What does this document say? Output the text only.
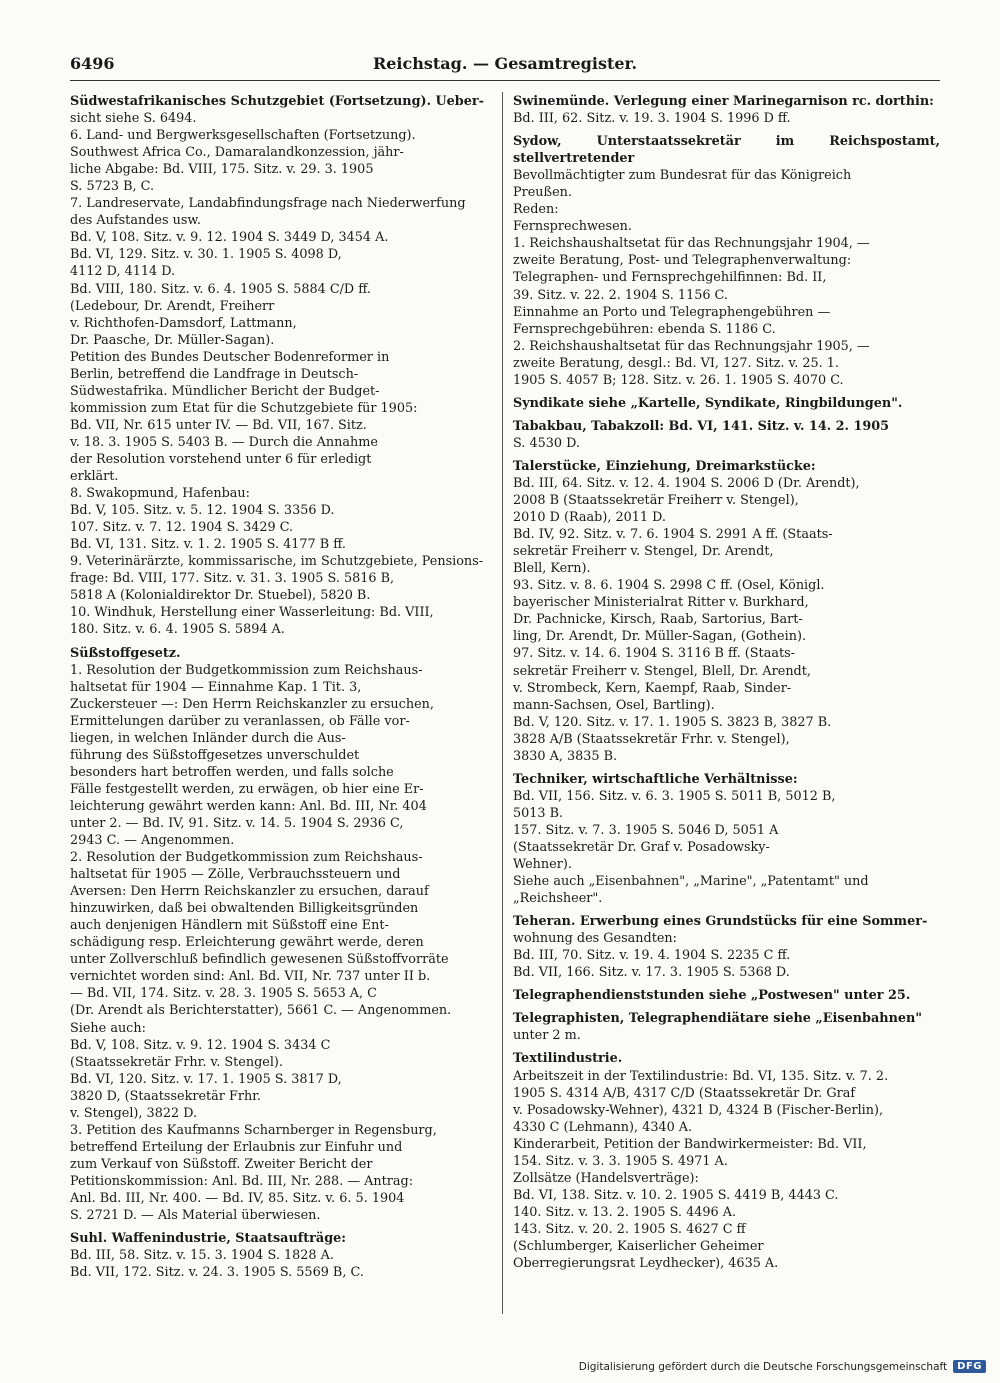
6496	Reichstag. — Gesamtregister.
Südwestafrikanisches Schutzgebiet (Fortsetzung). Ueber-
sicht siehe S. 6494.
6. Land- und Bergwerksgesellschaften (Fortsetzung).
Southwest Africa Co., Damaralandkonzession, jähr-
liche Abgabe: Bd. VIII, 175. Sitz. v. 29. 3. 1905
S. 5723 B, C.
7. Landreservate, Landabfindungsfrage nach Niederwerfung
des Aufstandes usw.
Bd. V, 108. Sitz. v. 9. 12. 1904 S. 3449 D, 3454 A.
Bd. VI, 129. Sitz. v. 30. 1. 1905 S. 4098 D,
4112 D, 4114 D.
Bd. VIII, 180. Sitz. v. 6. 4. 1905 S. 5884 C/D ff.
(Ledebour, Dr. Arendt, Freiherr
v. Richthofen-Damsdorf, Lattmann,
Dr. Paasche, Dr. Müller-Sagan).
Petition des Bundes Deutscher Bodenreformer in
Berlin, betreffend die Landfrage in Deutsch-
Südwestafrika. Mündlicher Bericht der Budget-
kommission zum Etat für die Schutzgebiete für 1905:
Bd. VII, Nr. 615 unter IV. — Bd. VII, 167. Sitz.
v. 18. 3. 1905 S. 5403 B. — Durch die Annahme
der Resolution vorstehend unter 6 für erledigt
erklärt.
8. Swakopmund, Hafenbau:
Bd. V, 105. Sitz. v. 5. 12. 1904 S. 3356 D.
107. Sitz. v. 7. 12. 1904 S. 3429 C.
Bd. VI, 131. Sitz. v. 1. 2. 1905 S. 4177 B ff.
9. Veterinärärzte, kommissarische, im Schutzgebiete, Pensions-
frage: Bd. VIII, 177. Sitz. v. 31. 3. 1905 S. 5816 B,
5818 A (Kolonialdirektor Dr. Stuebel), 5820 B.
10. Windhuk, Herstellung einer Wasserleitung: Bd. VIII,
180. Sitz. v. 6. 4. 1905 S. 5894 A.
Süßstoffgesetz.
1. Resolution der Budgetkommission zum Reichshaus-
haltsetat für 1904 — Einnahme Kap. 1 Tit. 3,
Zuckersteuer —: Den Herrn Reichskanzler zu ersuchen,
Ermittelungen darüber zu veranlassen, ob Fälle vor-
liegen, in welchen Inländer durch die Aus-
führung des Süßstoffgesetzes unverschuldet
besonders hart betroffen werden, und falls solche
Fälle festgestellt werden, zu erwägen, ob hier eine Er-
leichterung gewährt werden kann: Anl. Bd. III, Nr. 404
unter 2. — Bd. IV, 91. Sitz. v. 14. 5. 1904 S. 2936 C,
2943 C. — Angenommen.
2. Resolution der Budgetkommission zum Reichshaus-
haltsetat für 1905 — Zölle, Verbrauchssteuern und
Aversen: Den Herrn Reichskanzler zu ersuchen, darauf
hinzuwirken, daß bei obwaltenden Billigkeitsgründen
auch denjenigen Händlern mit Süßstoff eine Ent-
schädigung resp. Erleichterung gewährt werde, deren
unter Zollverschluß befindlich gewesenen Süßstoffvorräte
vernichtet worden sind: Anl. Bd. VII, Nr. 737 unter II b.
— Bd. VII, 174. Sitz. v. 28. 3. 1905 S. 5653 A, C
(Dr. Arendt als Berichterstatter), 5661 C. — Angenommen.
Siehe auch:
Bd. V, 108. Sitz. v. 9. 12. 1904 S. 3434 C
(Staatssekretär Frhr. v. Stengel).
Bd. VI, 120. Sitz. v. 17. 1. 1905 S. 3817 D,
3820 D, (Staatssekretär Frhr.
v. Stengel), 3822 D.
3. Petition des Kaufmanns Scharnberger in Regensburg,
betreffend Erteilung der Erlaubnis zur Einfuhr und
zum Verkauf von Süßstoff. Zweiter Bericht der
Petitionskommission: Anl. Bd. III, Nr. 288. — Antrag:
Anl. Bd. III, Nr. 400. — Bd. IV, 85. Sitz. v. 6. 5. 1904
S. 2721 D. — Als Material überwiesen.
Suhl. Waffenindustrie, Staatsaufträge:
Bd. III, 58. Sitz. v. 15. 3. 1904 S. 1828 A.
Bd. VII, 172. Sitz. v. 24. 3. 1905 S. 5569 B, C.
Swinemünde. Verlegung einer Marinegarnison rc. dorthin:
Bd. III, 62. Sitz. v. 19. 3. 1904 S. 1996 D ff.
Sydow, Unterstaatssekretär im Reichspostamt, stellvertretender
Bevollmächtigter zum Bundesrat für das Königreich
Preußen.
Reden:
Fernsprechwesen.
1. Reichshaushaltsetat für das Rechnungsjahr 1904, —
zweite Beratung, Post- und Telegraphenverwaltung:
Telegraphen- und Fernsprechgehilfinnen: Bd. II,
39. Sitz. v. 22. 2. 1904 S. 1156 C.
Einnahme an Porto und Telegraphengebühren —
Fernsprechgebühren: ebenda S. 1186 C.
2. Reichshaushaltsetat für das Rechnungsjahr 1905, —
zweite Beratung, desgl.: Bd. VI, 127. Sitz. v. 25. 1.
1905 S. 4057 B; 128. Sitz. v. 26. 1. 1905 S. 4070 C.
Syndikate siehe „Kartelle, Syndikate, Ringbildungen".
Tabakbau, Tabakzoll: Bd. VI, 141. Sitz. v. 14. 2. 1905
S. 4530 D.
Talerstücke, Einziehung, Dreimarkstücke:
Bd. III, 64. Sitz. v. 12. 4. 1904 S. 2006 D (Dr. Arendt),
2008 B (Staatssekretär Freiherr v. Stengel),
2010 D (Raab), 2011 D.
Bd. IV, 92. Sitz. v. 7. 6. 1904 S. 2991 A ff. (Staats-
sekretär Freiherr v. Stengel, Dr. Arendt,
Blell, Kern).
93. Sitz. v. 8. 6. 1904 S. 2998 C ff. (Osel, Königl.
bayerischer Ministerialrat Ritter v. Burkhard,
Dr. Pachnicke, Kirsch, Raab, Sartorius, Bart-
ling, Dr. Arendt, Dr. Müller-Sagan, (Gothein).
97. Sitz. v. 14. 6. 1904 S. 3116 B ff. (Staats-
sekretär Freiherr v. Stengel, Blell, Dr. Arendt,
v. Strombeck, Kern, Kaempf, Raab, Sinder-
mann-Sachsen, Osel, Bartling).
Bd. V, 120. Sitz. v. 17. 1. 1905 S. 3823 B, 3827 B.
3828 A/B (Staatssekretär Frhr. v. Stengel),
3830 A, 3835 B.
Techniker, wirtschaftliche Verhältnisse:
Bd. VII, 156. Sitz. v. 6. 3. 1905 S. 5011 B, 5012 B,
5013 B.
157. Sitz. v. 7. 3. 1905 S. 5046 D, 5051 A
(Staatssekretär Dr. Graf v. Posadowsky-
Wehner).
Siehe auch „Eisenbahnen", „Marine", „Patentamt" und
„Reichsheer".
Teheran. Erwerbung eines Grundstücks für eine Sommer-
wohnung des Gesandten:
Bd. III, 70. Sitz. v. 19. 4. 1904 S. 2235 C ff.
Bd. VII, 166. Sitz. v. 17. 3. 1905 S. 5368 D.
Telegraphendienststunden siehe „Postwesen" unter 25.
Telegraphisten, Telegraphendiätare siehe „Eisenbahnen"
unter 2 m.
Textilindustrie.
Arbeitszeit in der Textilindustrie: Bd. VI, 135. Sitz. v. 7. 2.
1905 S. 4314 A/B, 4317 C/D (Staatssekretär Dr. Graf
v. Posadowsky-Wehner), 4321 D, 4324 B (Fischer-Berlin),
4330 C (Lehmann), 4340 A.
Kinderarbeit, Petition der Bandwirkermeister: Bd. VII,
154. Sitz. v. 3. 3. 1905 S. 4971 A.
Zollsätze (Handelsverträge):
Bd. VI, 138. Sitz. v. 10. 2. 1905 S. 4419 B, 4443 C.
140. Sitz. v. 13. 2. 1905 S. 4496 A.
143. Sitz. v. 20. 2. 1905 S. 4627 C ff
(Schlumberger, Kaiserlicher Geheimer
Oberregierungsrat Leydhecker), 4635 A.
Digitalisierung gefördert durch die Deutsche Forschungsgemeinschaft	DFG
